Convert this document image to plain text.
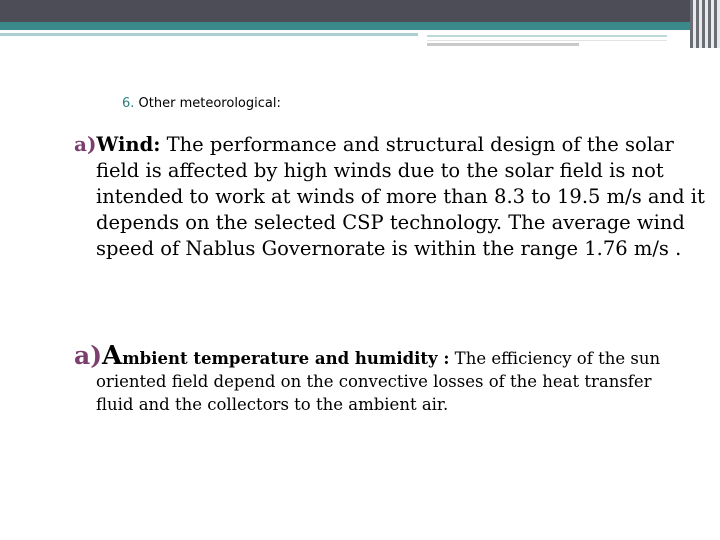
6. Other meteorological:
a)Wind: The performance and structural design of the solar
field is affected by high winds due to the solar field is not
intended to work at winds of more than 8.3 to 19.5 m/s and it
depends on the selected CSP technology. The average wind
speed of Nablus Governorate is within the range 1.76 m/s .
a)Ambient temperature and humidity : The efficiency of the sun
oriented field depend on the convective losses of the heat transfer
fluid and the collectors to the ambient air.
